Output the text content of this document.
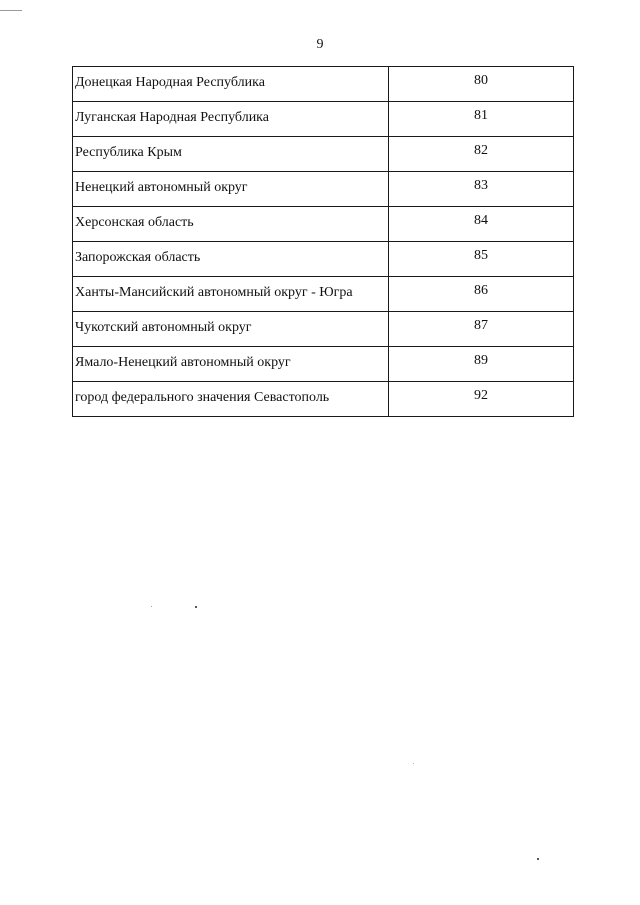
9
Донецкая Народная Республика	80
Луганская Народная Республика	81
Республика Крым	82
Ненецкий автономный округ	83
Херсонская область	84
Запорожская область	85
Ханты-Мансийский автономный округ - Югра	86
Чукотский автономный округ	87
Ямало-Ненецкий автономный округ	89
город федерального значения Севастополь	92
